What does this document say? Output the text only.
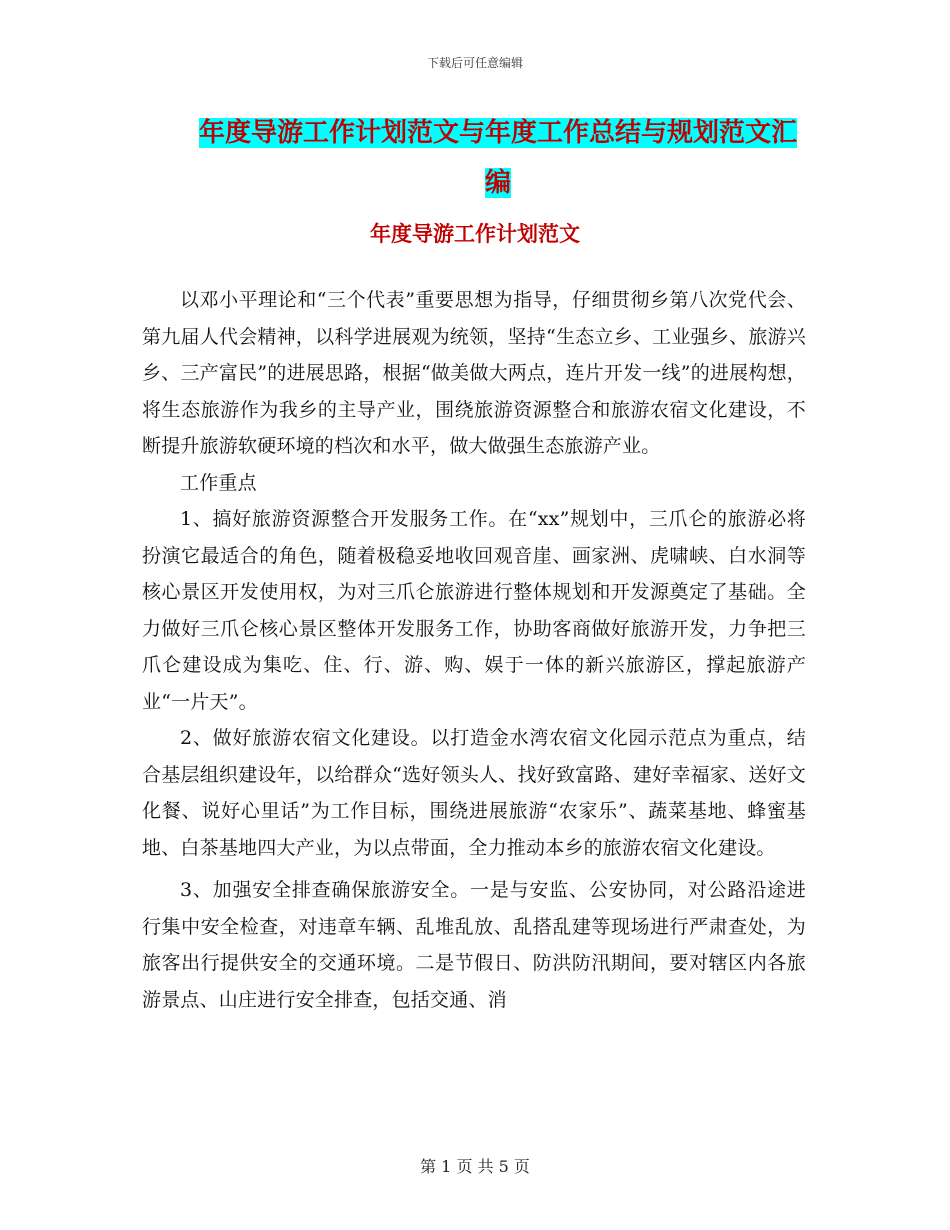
下载后可任意编辑
年度导游工作计划范文与年度工作总结与规划范文汇编
年度导游工作计划范文

以邓小平理论和“三个代表”重要思想为指导，仔细贯彻乡第八次党代会、第九届人代会精神，以科学进展观为统领，坚持“生态立乡、工业强乡、旅游兴乡、三产富民”的进展思路，根据“做美做大两点，连片开发一线”的进展构想，将生态旅游作为我乡的主导产业，围绕旅游资源整合和旅游农宿文化建设，不断提升旅游软硬环境的档次和水平，做大做强生态旅游产业。

工作重点

1、搞好旅游资源整合开发服务工作。在“xx”规划中，三爪仑的旅游必将扮演它最适合的角色，随着极稳妥地收回观音崖、画家洲、虎啸峡、白水洞等核心景区开发使用权，为对三爪仑旅游进行整体规划和开发源奠定了基础。全力做好三爪仑核心景区整体开发服务工作，协助客商做好旅游开发，力争把三爪仑建设成为集吃、住、行、游、购、娱于一体的新兴旅游区，撑起旅游产业“一片天”。

2、做好旅游农宿文化建设。以打造金水湾农宿文化园示范点为重点，结合基层组织建设年，以给群众“选好领头人、找好致富路、建好幸福家、送好文化餐、说好心里话”为工作目标，围绕进展旅游“农家乐”、蔬菜基地、蜂蜜基地、白茶基地四大产业，为以点带面，全力推动本乡的旅游农宿文化建设。

3、加强安全排查确保旅游安全。一是与安监、公安协同，对公路沿途进行集中安全检查，对违章车辆、乱堆乱放、乱搭乱建等现场进行严肃查处，为旅客出行提供安全的交通环境。二是节假日、防洪防汛期间，要对辖区内各旅游景点、山庄进行安全排查，包括交通、消

第 1 页 共 5 页
